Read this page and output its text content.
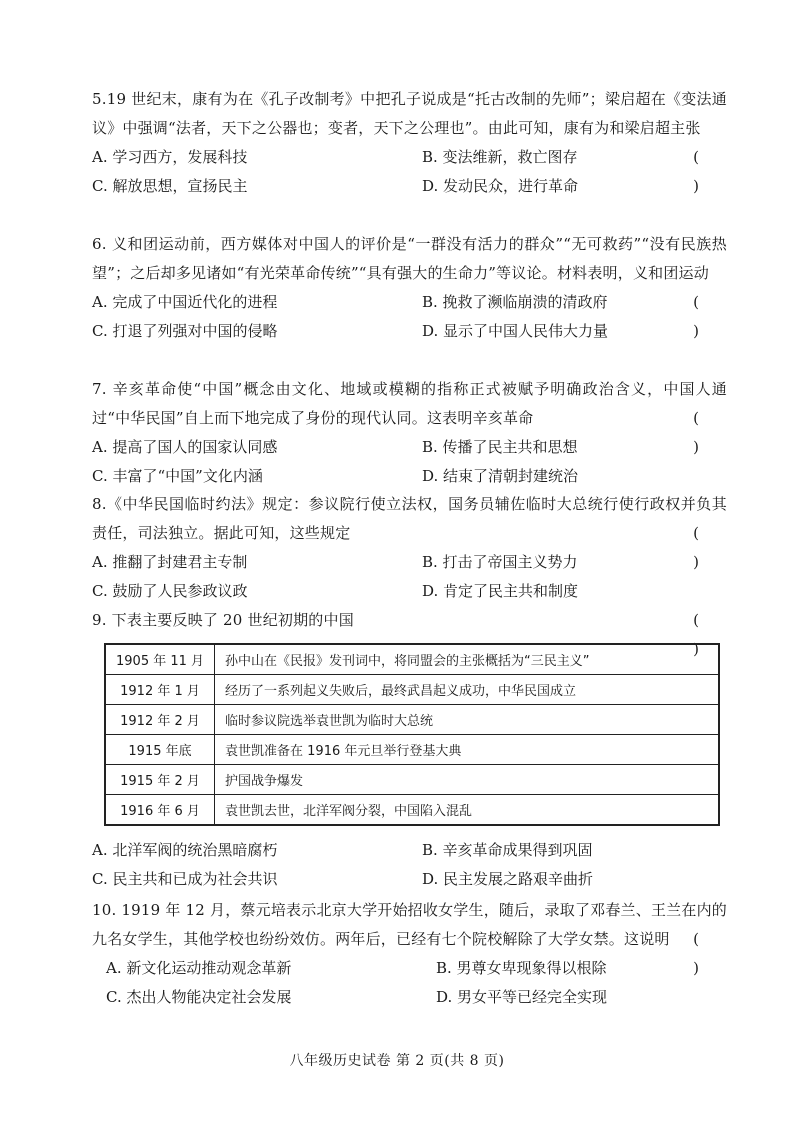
5.19 世纪末，康有为在《孔子改制考》中把孔子说成是“托古改制的先师”；梁启超在《变法通议》中强调“法者，天下之公器也；变者，天下之公理也”。由此可知，康有为和梁启超主张
( )
A. 学习西方，发展科技	B. 变法维新，救亡图存
C. 解放思想，宣扬民主	D. 发动民众，进行革命
6. 义和团运动前，西方媒体对中国人的评价是“一群没有活力的群众”“无可救药”“没有民族热望”；之后却多见诸如“有光荣革命传统”“具有强大的生命力”等议论。材料表明，义和团运动
( )
A. 完成了中国近代化的进程	B. 挽救了濒临崩溃的清政府
C. 打退了列强对中国的侵略	D. 显示了中国人民伟大力量
7. 辛亥革命使“中国”概念由文化、地域或模糊的指称正式被赋予明确政治含义，中国人通过“中华民国”自上而下地完成了身份的现代认同。这表明辛亥革命	( )
A. 提高了国人的国家认同感	B. 传播了民主共和思想
C. 丰富了“中国”文化内涵	D. 结束了清朝封建统治
8.《中华民国临时约法》规定：参议院行使立法权，国务员辅佐临时大总统行使行政权并负其责任，司法独立。据此可知，这些规定	( )
A. 推翻了封建君主专制	B. 打击了帝国主义势力
C. 鼓励了人民参政议政	D. 肯定了民主共和制度
9. 下表主要反映了 20 世纪初期的中国	( )
1905 年 11 月	孙中山在《民报》发刊词中，将同盟会的主张概括为“三民主义”
1912 年 1 月	经历了一系列起义失败后，最终武昌起义成功，中华民国成立
1912 年 2 月	临时参议院选举袁世凯为临时大总统
1915 年底	袁世凯准备在 1916 年元旦举行登基大典
1915 年 2 月	护国战争爆发
1916 年 6 月	袁世凯去世，北洋军阀分裂，中国陷入混乱
A. 北洋军阀的统治黑暗腐朽	B. 辛亥革命成果得到巩固
C. 民主共和已成为社会共识	D. 民主发展之路艰辛曲折
10. 1919 年 12 月，蔡元培表示北京大学开始招收女学生，随后，录取了邓春兰、王兰在内的九名女学生，其他学校也纷纷效仿。两年后，已经有七个院校解除了大学女禁。这说明	( )
A. 新文化运动推动观念革新	B. 男尊女卑现象得以根除
C. 杰出人物能决定社会发展	D. 男女平等已经完全实现
八年级历史试卷 第 2 页(共 8 页)
